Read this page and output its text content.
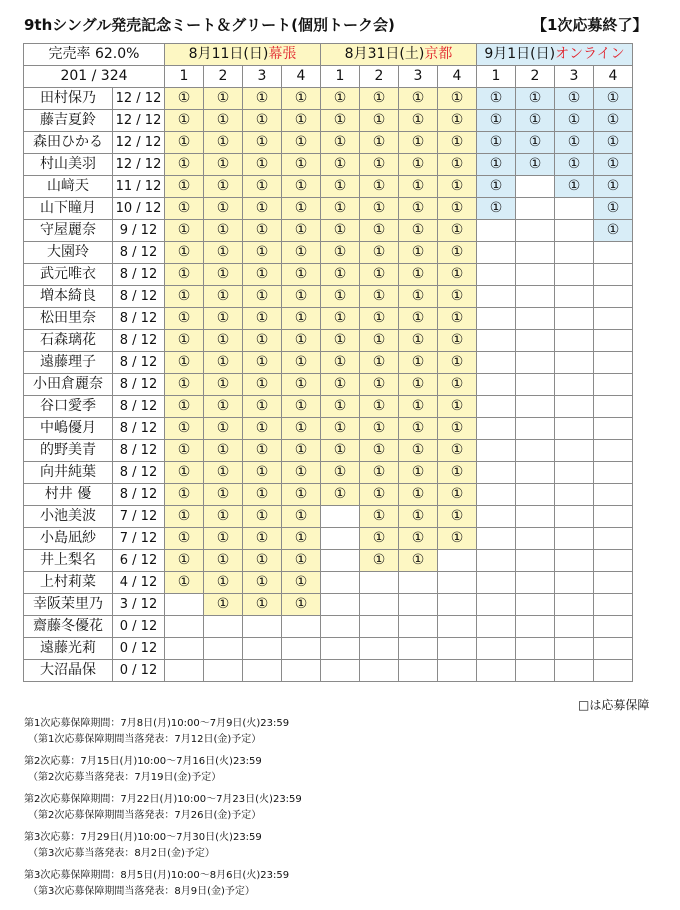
9thシングル発売記念ミート＆グリート(個別トーク会)	【1次応募終了】
完売率 62.0%		8月11日(日)幕張				8月31日(土)京都				9月1日(日)オンライン			
201 / 324		1	2	3	4	1	2	3	4	1	2	3	4
田村保乃	12 / 12	①	①	①	①	①	①	①	①	①	①	①	①
藤吉夏鈴	12 / 12	①	①	①	①	①	①	①	①	①	①	①	①
森田ひかる	12 / 12	①	①	①	①	①	①	①	①	①	①	①	①
村山美羽	12 / 12	①	①	①	①	①	①	①	①	①	①	①	①
山﨑天	11 / 12	①	①	①	①	①	①	①	①	①		①	①
山下瞳月	10 / 12	①	①	①	①	①	①	①	①	①			①
守屋麗奈	9 / 12	①	①	①	①	①	①	①	①				①
大園玲	8 / 12	①	①	①	①	①	①	①	①				
武元唯衣	8 / 12	①	①	①	①	①	①	①	①				
増本綺良	8 / 12	①	①	①	①	①	①	①	①				
松田里奈	8 / 12	①	①	①	①	①	①	①	①				
石森璃花	8 / 12	①	①	①	①	①	①	①	①				
遠藤理子	8 / 12	①	①	①	①	①	①	①	①				
小田倉麗奈	8 / 12	①	①	①	①	①	①	①	①				
谷口愛季	8 / 12	①	①	①	①	①	①	①	①				
中嶋優月	8 / 12	①	①	①	①	①	①	①	①				
的野美青	8 / 12	①	①	①	①	①	①	①	①				
向井純葉	8 / 12	①	①	①	①	①	①	①	①				
村井 優	8 / 12	①	①	①	①	①	①	①	①				
小池美波	7 / 12	①	①	①	①		①	①	①				
小島凪紗	7 / 12	①	①	①	①		①	①	①				
井上梨名	6 / 12	①	①	①	①		①	①					
上村莉菜	4 / 12	①	①	①	①								
幸阪茉里乃	3 / 12		①	①	①								
齋藤冬優花	0 / 12												
遠藤光莉	0 / 12												
大沼晶保	0 / 12												
□は応募保障
第1次応募保障期間：7月8日(月)10:00〜7月9日(火)23:59
（第1次応募保障期間当落発表：7月12日(金)予定）
第2次応募：7月15日(月)10:00〜7月16日(火)23:59
（第2次応募当落発表：7月19日(金)予定）
第2次応募保障期間：7月22日(月)10:00〜7月23日(火)23:59
（第2次応募保障期間当落発表：7月26日(金)予定）
第3次応募：7月29日(月)10:00〜7月30日(火)23:59
（第3次応募当落発表：8月2日(金)予定）
第3次応募保障期間：8月5日(月)10:00〜8月6日(火)23:59
（第3次応募保障期間当落発表：8月9日(金)予定）
